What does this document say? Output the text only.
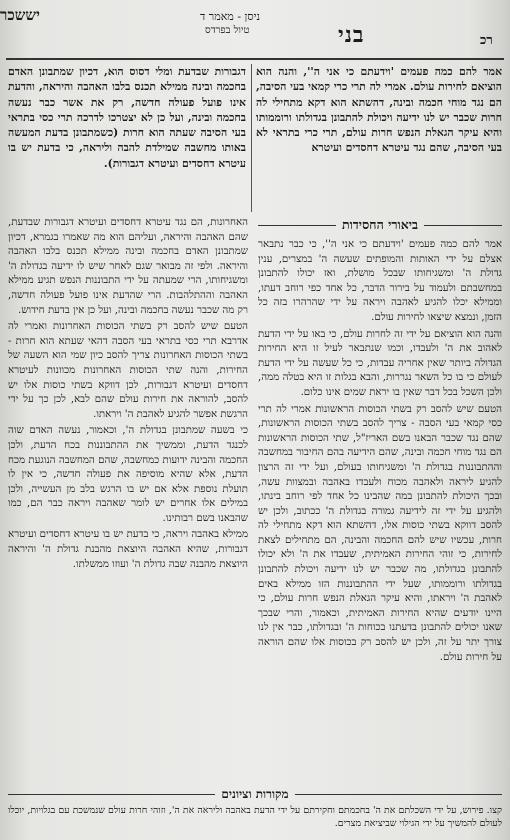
יששכר	ניסן - מאמר ד
טיול בפרדס	בני	רכ

אמר להם כמה פעמים 'וידעתם כי אני ה'', והנה הוא הוציאם לחירות עולם. אמרי לה תרי כרי קמאי בעי הסיבה, הם נגד מוחי חכמה ובינה, דהשתא הוא דקא מתחילי לה חרות שכבר יש לנו ידיעה ויכולת להתבונן בגדולתו ורוממותו והיא עיקר הגאלת הנפש חרות עולם, תרי כרי בתראי לא בעי הסיבה, שהם נגד עיטרא דחסדים ועיטרא

דגבורות שבדעת ומלי דסוס הוא, דכיון שמתבונן האדם בחכמה ובינה ממילא תכנס בלבו האהבה והיראה, והדעת אינו פועל פעולה חדשה, רק את אשר כבר נעשה בחכמה ובינה, ועל כן לא יצטרכו לדרכה תרי כסי בתראי בעי הסיבה שעתה הוא חרות (כשמתבונן בדעת המעשה באותו מחשבה שמילדת להבה וליראה, כי בדעת יש בו עיטרא דחסדים ועיטרא דגבורות).

ביאורי החסידות

אמר להם כמה פעמים 'וידעתם כי אני ה'', כי כבר נתבאר אצלם על ידי האותות והמופתים שעשה ה' במצרים, ענין גדולת ה' ומשגיחותו שבכל מושלת, ואז יכולו להתבונן במחשבתם ולעמוד על בירור הדבר, כל אחד כפי רוחב דעתו, וממילא יכלו להגיע לאהבה ויראה על ידי שהרהרו בזה כל הזמן, ונמצא שיצאו לחירות עולם.

והנה הוא הוציאם על ידי זה לחרות עולם, כי באו על ידי הדעת לאהוב את ה' ולעבדו, וכמו שנתבאר לעיל זו היא החירות הגדולה ביותר שאין אחריה עבדות, כי כל שעשה על ידי הדעת לעולם כי בו כל השאר נגררות, והבא בגלות זו היא בטלה ממה, ולכן השכל בכל דבר שאין בו יראת שמים אינו כלום.

הטעם שיש להסב רק בשתי הכוסות הראשונות אמרי לה תרי כסי קמאי בעי הסבה - צריך להסב בשתי הכוסות הראשונות, שהם נגד שכבר הבאנו בשם האריז"ל, שתי הכוסות הראשונות הם נגד מוחי חכמה ובינה, שהם הידיעה בהם החיבור במחשבה וההתבוננות בגדולת ה' ומשגיחותו בעולם, ועל ידי זה הרצון להגיע ליראה ולאהבה מכוח ולעבדו באהבה ובמצוות עשה, ובכך היכולת להתבונן במה שהבינו כל אחד לפי רוחב בינתו, ולהגיע על ידי זה לידיעה גמורה בגדולת ה' ככתוב, ולכן יש להסב דווקא בשתי כוסות אלו, דהשתא הוא דקא מתחילי לה חרות, עכשיו שיש להם החכמה והבינה, הם מתחילים לצאת לחירות, כי זוהי החירות האמיתית, שעבדו את ה' ולא יכולו להתבונן בגדולתו, מה שכבר יש לנו ידיעה ויכולת להתבונן בגדולתו ורוממותו, שעל ידי ההתבוננות הזו ממילא באים לאהבת ה' ויראתו, והיא עיקר הגאלת הנפש חרות עולם, כי היינו יודעים שהיא החירות האמיתית, וכאמור, והרי שבכך שאנו יכולים להתבונן בדעתנו בכוחות ה' ובגדולתו, כבר אין לנו צורך יתר על זה, ולכן יש להסב רק בכוסות אלו שהם הוראה על חירות עולם.

האחרונות, הם נגד עיטרא דחסדים ועיטרא דגבורות שבדעת, שהם האהבה והיראה, ועליהם הוא מה שאמרו בגמרא, דכיון שמתבונן האדם בחכמה ובינה ממילא תכנס בלבו האהבה והיראה. ולפי זה מבואר שגם לאחר שיש לו ידיעה בגדולת ה' ומשגיחותו, הרי שמעתה על ידי התבוננות הנפש תגיע ממילא האהבה וההתלהבות. הרי שהדעת אינו פועל פעולה חדשה, רק מה שכבר נעשה בחכמה ובינה, ועל כן אין בדעת חידוש.

הטעם שיש להסב רק בשתי הכוסות האחרונות ואמרי לה אדרבא תרי כסי בתראי בעי הסבה דהאי שעתא הוא חרות - בשתי הכוסות האחרונות צריך להסב כיון שמי הוא השעה של החירות, והנה שתי הכוסות האחרונות מכוונות לעיטרא דחסדים ועיטרא דגבורות, לכן דווקא בשתי כוסות אלו יש להסב, להוראה את חירות עולם שהם לבא, לכן כך על ידי הרגשת אפשר להגיע לאהבת ה' ויראתו.

כי בשעה שמתבונן בגדולת ה', וכאמור, נעשה האדם שוה לכנגד הדעת, וממשיך את ההתבוננות בכח הדעת, ולכן החכמה והבינה ידועות כמחשבה, שהם המחשבה הנוגעת מכח הדעת, אלא שהיא מוסיפה את פעולה חדשה, כי אין לו תועלת נוספת אלא אם יש בו הרגש בלב מן העשייה, ולכן במילים אלו אחרים יש לומר שאהבה ויראה כבר הם, כמו שהבאנו בשם רבותינו.

ממילא באהבה ויראה, כי בדעת יש בו עיטרא דחסדים ועיטרא דגבורות, שהיא האהבה היוצאת מהבנת גדולת ה' והיראה היוצאת מהבנה שבה גדולת ה' ועוזו ממשלתו.

מקורות וציונים
קצו. פירוש, על ידי השכלתם את ה' בחכמתם וחקירתם על ידי הדעת באהבה וליראה את ה', וזוהי חרות עולם שנמשכת עם בגלויות, יוכלו לעולם להמשיך על ידי הגילוי שביציאת מצרים.
